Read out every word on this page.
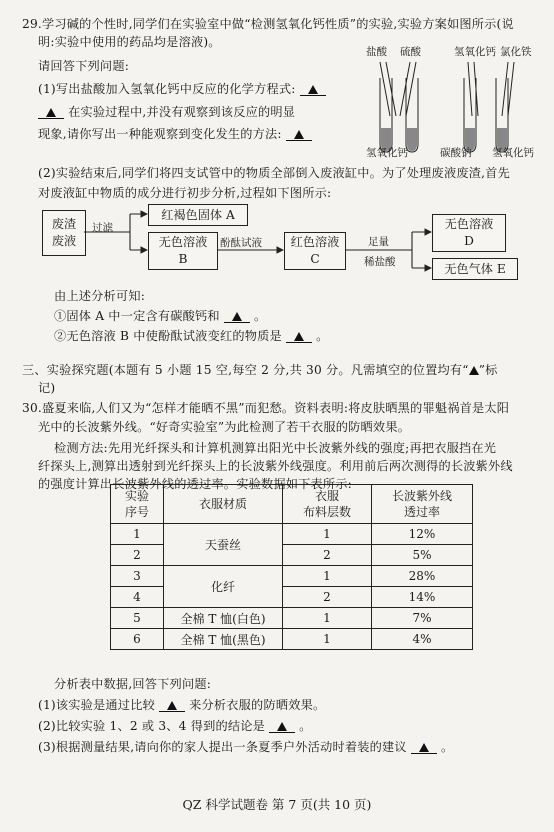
29.学习碱的个性时,同学们在实验室中做“检测氢氧化钙性质”的实验,实验方案如图所示(说
明:实验中使用的药品均是溶液)。
请回答下列问题:
(1)写出盐酸加入氢氧化钙中反应的化学方程式:
在实验过程中,并没有观察到该反应的明显
现象,请你写出一种能观察到变化发生的方法:
盐酸 硫酸	氢氧化钙 氯化铁
氢氧化钙	碳酸钠 氢氧化钙
(2)实验结束后,同学们将四支试管中的物质全部倒入废液缸中。为了处理废液废渣,首先
对废液缸中物质的成分进行初步分析,过程如下图所示:
废渣
废液
红褐色固体 A
无色溶液
B
红色溶液
C
无色溶液
D
无色气体 E
过滤
酚酞试液	足量
稀盐酸
由上述分析可知:
①固体 A 中一定含有碳酸钙和	。
②无色溶液 B 中使酚酞试液变红的物质是	。
三、实验探究题(本题有 5 小题 15 空,每空 2 分,共 30 分。凡需填空的位置均有“ ”标
记)
30.盛夏来临,人们又为“怎样才能晒不黑”而犯愁。资料表明:将皮肤晒黑的罪魁祸首是太阳
实验
序号	衣服材质	衣服
布料层数	长波紫外线
透过率
1	天蚕丝	1	12%
2		2	5%
3	化纤	1	28%
4		2	14%
5	全棉 T 恤(白色)	1	7%
6	全棉 T 恤(黑色)	1	4%
光中的长波紫外线。“好奇实验室”为此检测了若干衣服的防晒效果。
检测方法:先用光纤探头和计算机测算出阳光中长波紫外线的强度;再把衣服挡在光
纤探头上,测算出透射到光纤探头上的长波紫外线强度。利用前后两次测得的长波紫外线
分析表中数据,回答下列问题:
(1)该实验是通过比较	来分析衣服的防晒效果。
(2)比较实验 1、2 或 3、4 得到的结论是	。
(3)根据测量结果,请向你的家人提出一条夏季户外活动时着装的建议	。
QZ 科学试题卷 第 7 页(共 10 页)
的强度计算出长波紫外线的透过率。实验数据如下表所示:
